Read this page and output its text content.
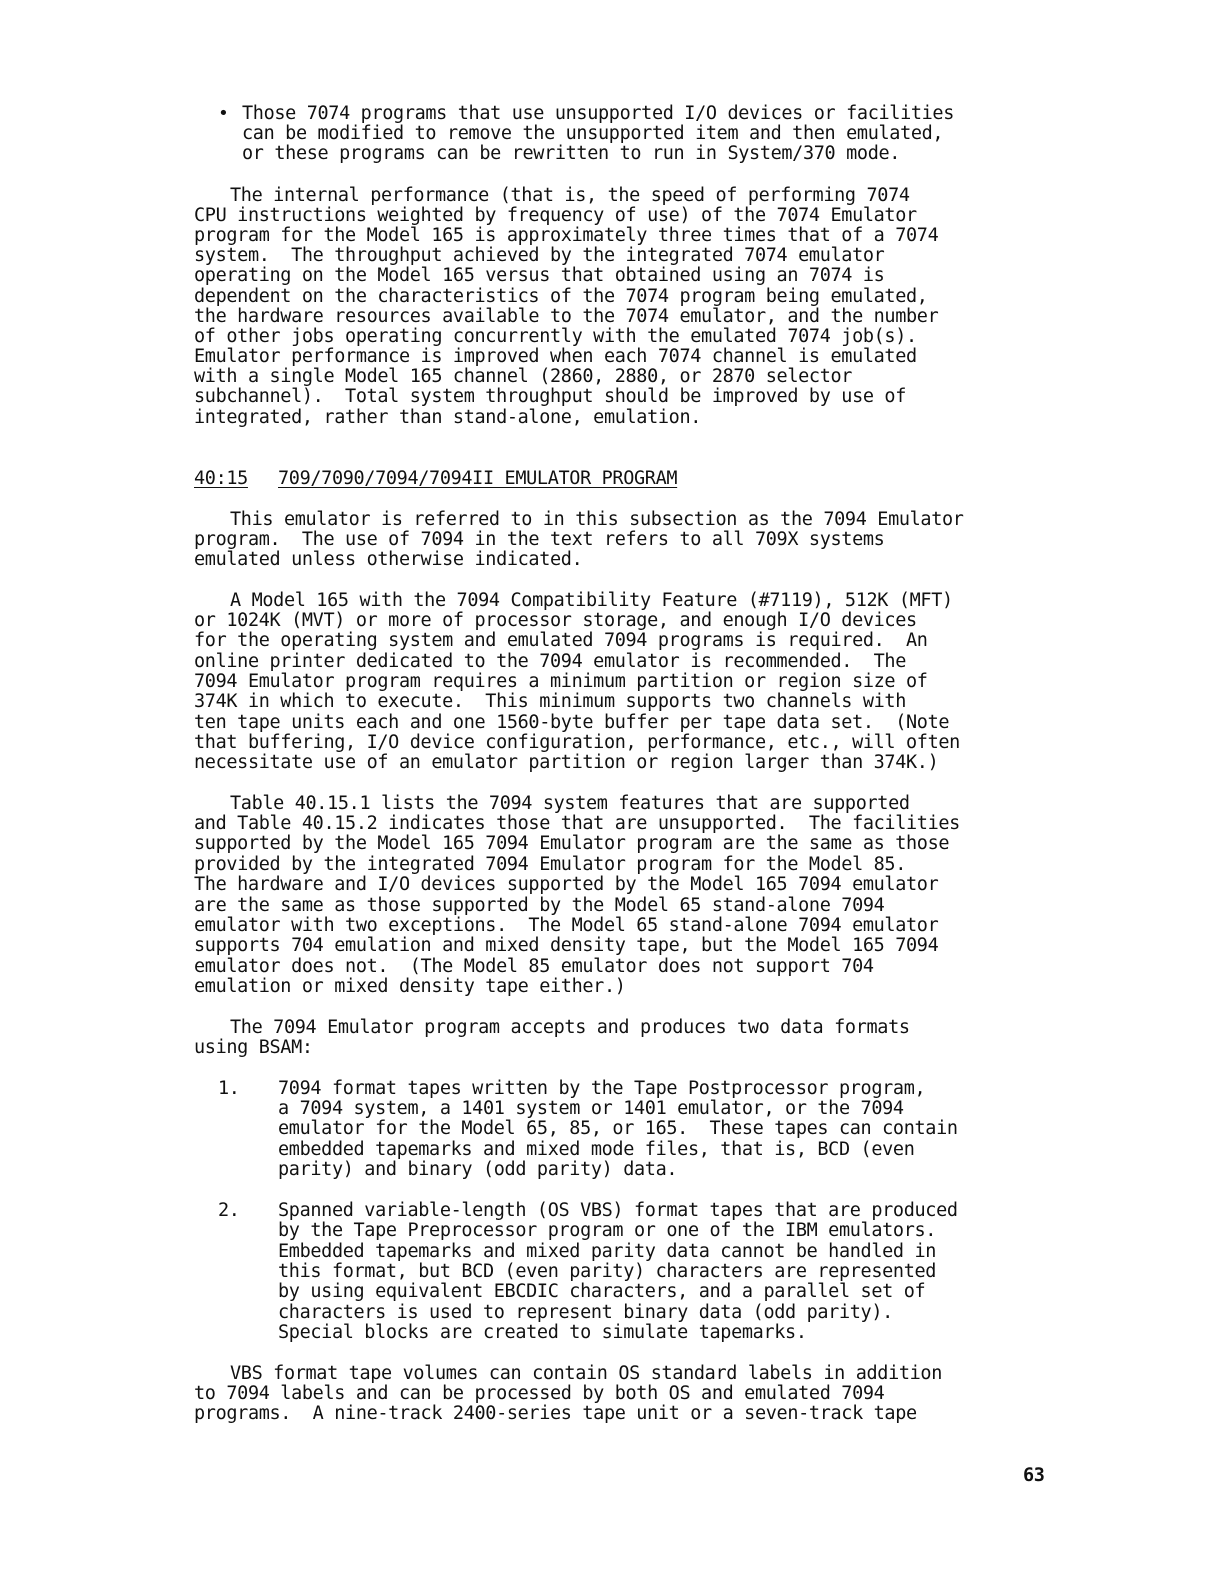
• Those 7074 programs that use unsupported I/O devices or facilities
can be modified to remove the unsupported item and then emulated,
or these programs can be rewritten to run in System/370 mode.
The internal performance (that is, the speed of performing 7074
CPU instructions weighted by frequency of use) of the 7074 Emulator
program for the Model 165 is approximately three times that of a 7074
system.  The throughput achieved by the integrated 7074 emulator
operating on the Model 165 versus that obtained using an 7074 is
dependent on the characteristics of the 7074 program being emulated,
the hardware resources available to the 7074 emulator, and the number
of other jobs operating concurrently with the emulated 7074 job(s).
Emulator performance is improved when each 7074 channel is emulated
with a single Model 165 channel (2860, 2880, or 2870 selector
subchannel).  Total system throughput should be improved by use of
integrated, rather than stand-alone, emulation.
40:15 709/7090/7094/7094II EMULATOR PROGRAM
This emulator is referred to in this subsection as the 7094 Emulator
program.  The use of 7094 in the text refers to all 709X systems
emulated unless otherwise indicated.
A Model 165 with the 7094 Compatibility Feature (#7119), 512K (MFT)
or 1024K (MVT) or more of processor storage, and enough I/O devices
for the operating system and emulated 7094 programs is required.  An
online printer dedicated to the 7094 emulator is recommended.  The
7094 Emulator program requires a minimum partition or region size of
374K in which to execute.  This minimum supports two channels with
ten tape units each and one 1560-byte buffer per tape data set.  (Note
that buffering, I/O device configuration, performance, etc., will often
necessitate use of an emulator partition or region larger than 374K.)
Table 40.15.1 lists the 7094 system features that are supported
and Table 40.15.2 indicates those that are unsupported.  The facilities
supported by the Model 165 7094 Emulator program are the same as those
provided by the integrated 7094 Emulator program for the Model 85.
The hardware and I/O devices supported by the Model 165 7094 emulator
are the same as those supported by the Model 65 stand-alone 7094
emulator with two exceptions.  The Model 65 stand-alone 7094 emulator
supports 704 emulation and mixed density tape, but the Model 165 7094
emulator does not.  (The Model 85 emulator does not support 704
emulation or mixed density tape either.)
The 7094 Emulator program accepts and produces two data formats
using BSAM:
1. 7094 format tapes written by the Tape Postprocessor program,
a 7094 system, a 1401 system or 1401 emulator, or the 7094
emulator for the Model 65, 85, or 165.  These tapes can contain
embedded tapemarks and mixed mode files, that is, BCD (even
parity) and binary (odd parity) data.
2. Spanned variable-length (OS VBS) format tapes that are produced
by the Tape Preprocessor program or one of the IBM emulators.
Embedded tapemarks and mixed parity data cannot be handled in
this format, but BCD (even parity) characters are represented
by using equivalent EBCDIC characters, and a parallel set of
characters is used to represent binary data (odd parity).
Special blocks are created to simulate tapemarks.
VBS format tape volumes can contain OS standard labels in addition
to 7094 labels and can be processed by both OS and emulated 7094
programs.  A nine-track 2400-series tape unit or a seven-track tape
63
